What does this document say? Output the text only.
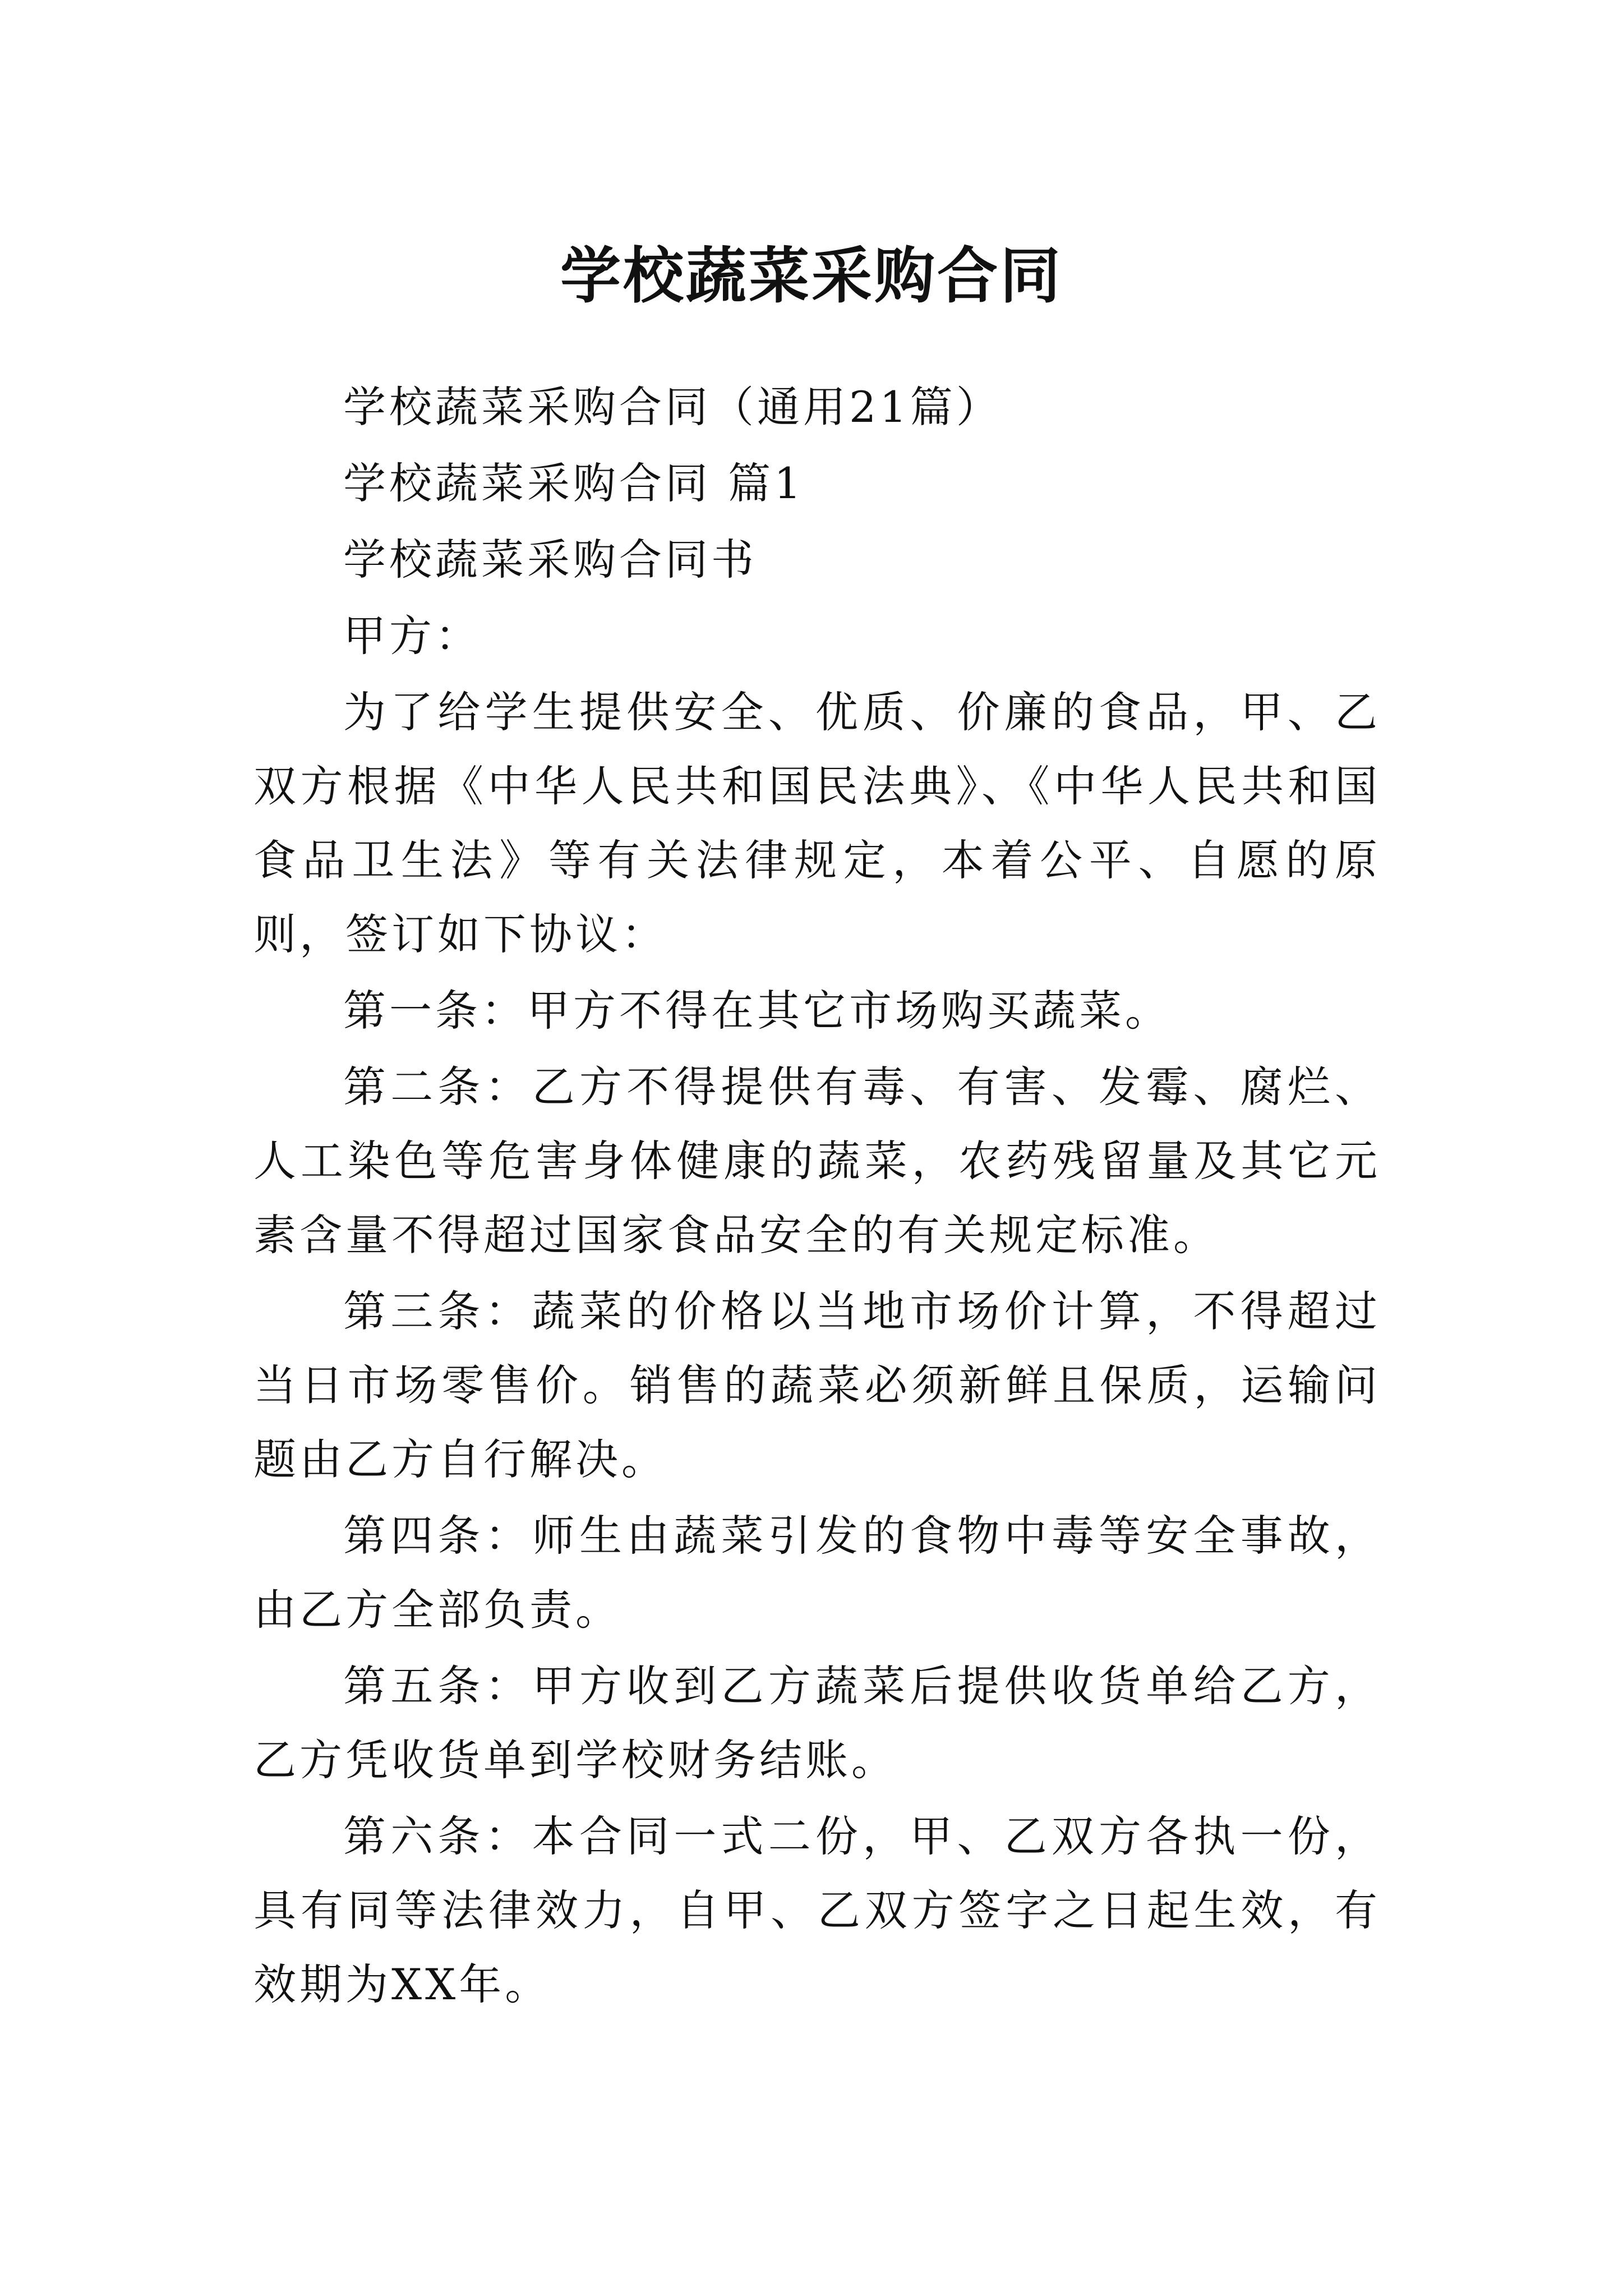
学校蔬菜采购合同

学校蔬菜采购合同（通用21篇）

学校蔬菜采购合同 篇1

学校蔬菜采购合同书

甲方：

为了给学生提供安全、优质、价廉的食品，甲、乙双方根据《中华人民共和国民法典》、《中华人民共和国食品卫生法》等有关法律规定，本着公平、自愿的原则，签订如下协议：

第一条：甲方不得在其它市场购买蔬菜。

第二条：乙方不得提供有毒、有害、发霉、腐烂、人工染色等危害身体健康的蔬菜，农药残留量及其它元素含量不得超过国家食品安全的有关规定标准。

第三条：蔬菜的价格以当地市场价计算，不得超过当日市场零售价。销售的蔬菜必须新鲜且保质，运输问题由乙方自行解决。

第四条：师生由蔬菜引发的食物中毒等安全事故，由乙方全部负责。

第五条：甲方收到乙方蔬菜后提供收货单给乙方，乙方凭收货单到学校财务结账。

第六条：本合同一式二份，甲、乙双方各执一份，具有同等法律效力，自甲、乙双方签字之日起生效，有效期为XX年。
